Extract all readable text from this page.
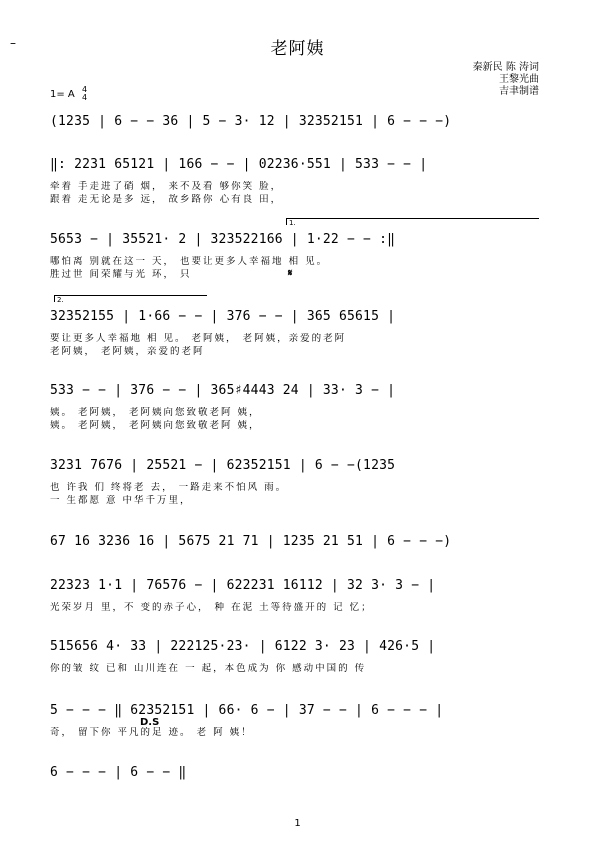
–	老阿姨
秦新民 陈 涛词
王黎光曲
吉聿制谱
1= A 4
4
(1235 | 6 − − 36 | 5 − 3· 12 | 32352151 | 6 − − −)
‖: 2231 65121 | 166 − − | 02236·551 | 533 − − |
牵着 手走进了硝 烟， 来不及看 够你笑 脸，
跟着 走无论是多 远， 故乡路你 心有良 田，
1.
5653 − | 35521· 2 | 323522166 | 1·22 − − :‖
哪怕离 别就在这一 天， 也要让更多人幸福地 相 见。
胜过世 间荣耀与光 环， 只	𝄋
2.
32352155 | 1·66 − − | 376 − − | 365 65615 |
要让更多人幸福地 相 见。 老阿姨， 老阿姨，亲爱的老阿
老阿姨， 老阿姨，亲爱的老阿
533 − − | 376 − − | 365♯4443 24 | 33· 3 − |
姨。 老阿姨， 老阿姨向您致敬老阿 姨，
姨。 老阿姨， 老阿姨向您致敬老阿 姨，
3231 7676 | 25521 − | 62352151 | 6 − −(1235
也 许我 们 终将老 去， 一路走来不怕风 雨。
一 生都愿 意 中华千万里，
67 16 3236 16 | 5675 21 71 | 1235 21 51 | 6 − − −)
22323 1·1 | 76576 − | 622231 16112 | 32 3· 3 − |
光荣岁月 里，不 变的赤子心， 种 在泥 土等待盛开的 记 忆；
515656 4· 33 | 222125·23· | 6122 3· 23 | 426·5 |
你的皱 纹 已和 山川连在 一 起，本色成为 你 感动中国的 传
D.S
5 − − − ‖ 62352151 | 66· 6 − | 37 − − | 6 − − − |
奇， 留下你 平凡的足 迹。 老 阿 姨！
6 − − − | 6 − − ‖
1
